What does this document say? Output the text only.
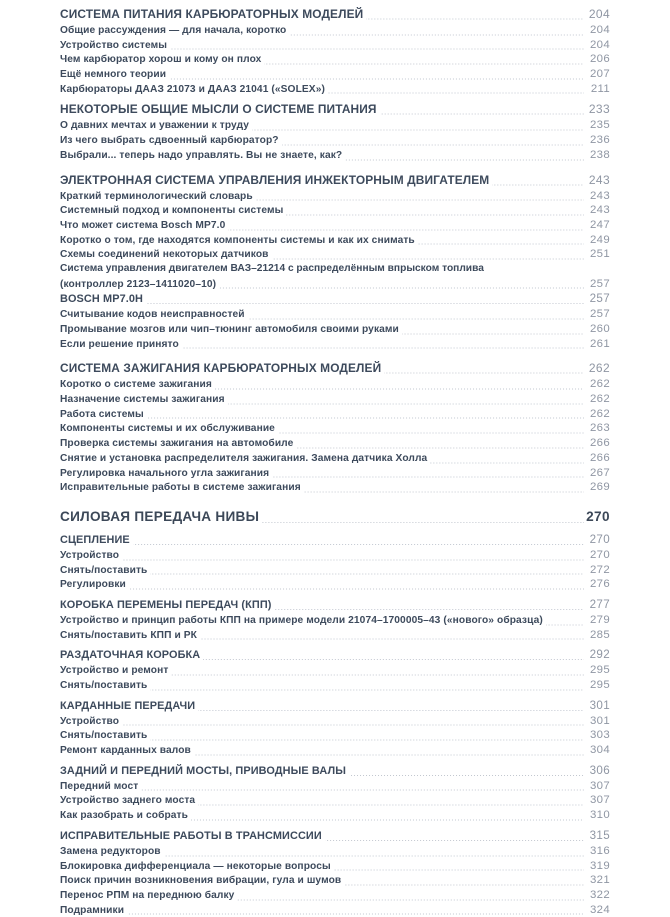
СИСТЕМА ПИТАНИЯ КАРБЮРАТОРНЫХ МОДЕЛЕЙ	204
Общие рассуждения — для начала, коротко	204
Устройство системы	204
Чем карбюратор хорош и кому он плох	206
Ещё немного теории	207
Карбюраторы ДААЗ 21073 и ДААЗ 21041 («SOLEX»)	211
НЕКОТОРЫЕ ОБЩИЕ МЫСЛИ О СИСТЕМЕ ПИТАНИЯ	233
О давних мечтах и уважении к труду	235
Из чего выбрать сдвоенный карбюратор?	236
Выбрали... теперь надо управлять. Вы не знаете, как?	238
ЭЛЕКТРОННАЯ СИСТЕМА УПРАВЛЕНИЯ ИНЖЕКТОРНЫМ ДВИГАТЕЛЕМ	243
Краткий терминологический словарь	243
Системный подход и компоненты системы	243
Что может система Bosch MP7.0	247
Коротко о том, где находятся компоненты системы и как их снимать	249
Схемы соединений некоторых датчиков	251
Система управления двигателем ВАЗ–21214 с распределённым впрыском топлива
(контроллер 2123–1411020–10)	257
BOSCH MP7.0H	257
Считывание кодов неисправностей	257
Промывание мозгов или чип–тюнинг автомобиля своими руками	260
Если решение принято	261
СИСТЕМА ЗАЖИГАНИЯ КАРБЮРАТОРНЫХ МОДЕЛЕЙ	262
Коротко о системе зажигания	262
Назначение системы зажигания	262
Работа системы	262
Компоненты системы и их обслуживание	263
Проверка системы зажигания на автомобиле	266
Снятие и установка распределителя зажигания. Замена датчика Холла	266
Регулировка начального угла зажигания	267
Исправительные работы в системе зажигания	269
СИЛОВАЯ ПЕРЕДАЧА НИВЫ	270
СЦЕПЛЕНИЕ	270
Устройство	270
Снять/поставить	272
Регулировки	276
КОРОБКА ПЕРЕМЕНЫ ПЕРЕДАЧ (КПП)	277
Устройство и принцип работы КПП на примере модели 21074–1700005–43 («нового» образца)	279
Снять/поставить КПП и РК	285
РАЗДАТОЧНАЯ КОРОБКА	292
Устройство и ремонт	295
Снять/поставить	295
КАРДАННЫЕ ПЕРЕДАЧИ	301
Устройство	301
Снять/поставить	303
Ремонт карданных валов	304
ЗАДНИЙ И ПЕРЕДНИЙ МОСТЫ, ПРИВОДНЫЕ ВАЛЫ	306
Передний мост	307
Устройство заднего моста	307
Как разобрать и собрать	310
ИСПРАВИТЕЛЬНЫЕ РАБОТЫ В ТРАНСМИССИИ	315
Замена редукторов	316
Блокировка дифференциала — некоторые вопросы	319
Поиск причин возникновения вибрации, гула и шумов	321
Перенос РПМ на переднюю балку	322
Подрамники	324
